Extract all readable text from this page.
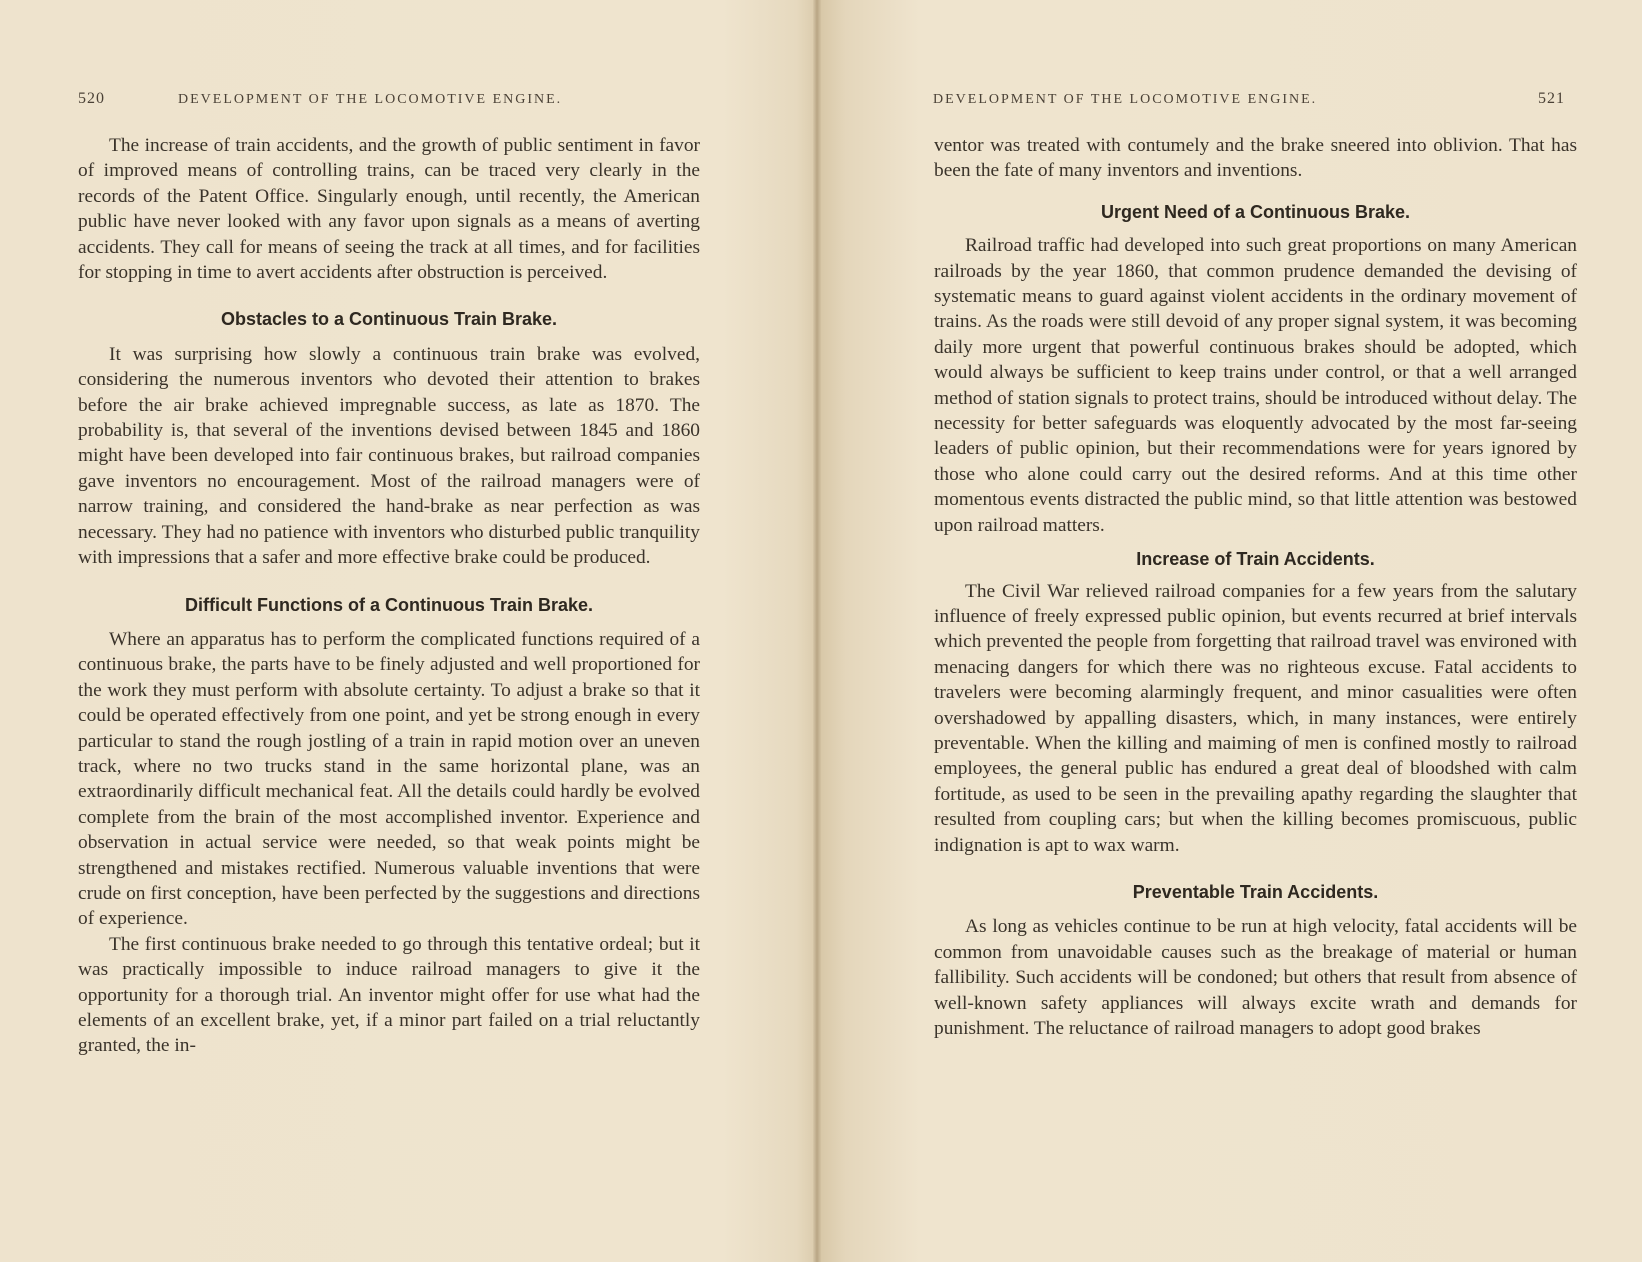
520	DEVELOPMENT OF THE LOCOMOTIVE ENGINE.

The increase of train accidents, and the growth of public sentiment in favor of improved means of controlling trains, can be traced very clearly in the records of the Patent Office. Singularly enough, until recently, the American public have never looked with any favor upon signals as a means of averting accidents. They call for means of seeing the track at all times, and for facilities for stopping in time to avert accidents after obstruction is perceived.

Obstacles to a Continuous Train Brake.

It was surprising how slowly a continuous train brake was evolved, considering the numerous inventors who devoted their attention to brakes before the air brake achieved impregnable success, as late as 1870. The probability is, that several of the inventions devised between 1845 and 1860 might have been developed into fair continuous brakes, but railroad companies gave inventors no encouragement. Most of the railroad managers were of narrow training, and considered the hand-brake as near perfection as was necessary. They had no patience with inventors who disturbed public tranquility with impressions that a safer and more effective brake could be produced.

Difficult Functions of a Continuous Train Brake.

Where an apparatus has to perform the complicated functions required of a continuous brake, the parts have to be finely adjusted and well proportioned for the work they must perform with absolute certainty. To adjust a brake so that it could be operated effectively from one point, and yet be strong enough in every particular to stand the rough jostling of a train in rapid motion over an uneven track, where no two trucks stand in the same horizontal plane, was an extraordinarily difficult mechanical feat. All the details could hardly be evolved complete from the brain of the most accomplished inventor. Experience and observation in actual service were needed, so that weak points might be strengthened and mistakes rectified. Numerous valuable inventions that were crude on first conception, have been perfected by the suggestions and directions of experience.

The first continuous brake needed to go through this tentative ordeal; but it was practically impossible to induce railroad managers to give it the opportunity for a thorough trial. An inventor might offer for use what had the elements of an excellent brake, yet, if a minor part failed on a trial reluctantly granted, the in-

DEVELOPMENT OF THE LOCOMOTIVE ENGINE.	521

ventor was treated with contumely and the brake sneered into oblivion. That has been the fate of many inventors and inventions.

Urgent Need of a Continuous Brake.

Railroad traffic had developed into such great proportions on many American railroads by the year 1860, that common prudence demanded the devising of systematic means to guard against violent accidents in the ordinary movement of trains. As the roads were still devoid of any proper signal system, it was becoming daily more urgent that powerful continuous brakes should be adopted, which would always be sufficient to keep trains under control, or that a well arranged method of station signals to protect trains, should be introduced without delay. The necessity for better safeguards was eloquently advocated by the most far-seeing leaders of public opinion, but their recommendations were for years ignored by those who alone could carry out the desired reforms. And at this time other momentous events distracted the public mind, so that little attention was bestowed upon railroad matters.

Increase of Train Accidents.

The Civil War relieved railroad companies for a few years from the salutary influence of freely expressed public opinion, but events recurred at brief intervals which prevented the people from forgetting that railroad travel was environed with menacing dangers for which there was no righteous excuse. Fatal accidents to travelers were becoming alarmingly frequent, and minor casualities were often overshadowed by appalling disasters, which, in many instances, were entirely preventable. When the killing and maiming of men is confined mostly to railroad employees, the general public has endured a great deal of bloodshed with calm fortitude, as used to be seen in the prevailing apathy regarding the slaughter that resulted from coupling cars; but when the killing becomes promiscuous, public indignation is apt to wax warm.

Preventable Train Accidents.

As long as vehicles continue to be run at high velocity, fatal accidents will be common from unavoidable causes such as the breakage of material or human fallibility. Such accidents will be condoned; but others that result from absence of well-known safety appliances will always excite wrath and demands for punishment. The reluctance of railroad managers to adopt good brakes
